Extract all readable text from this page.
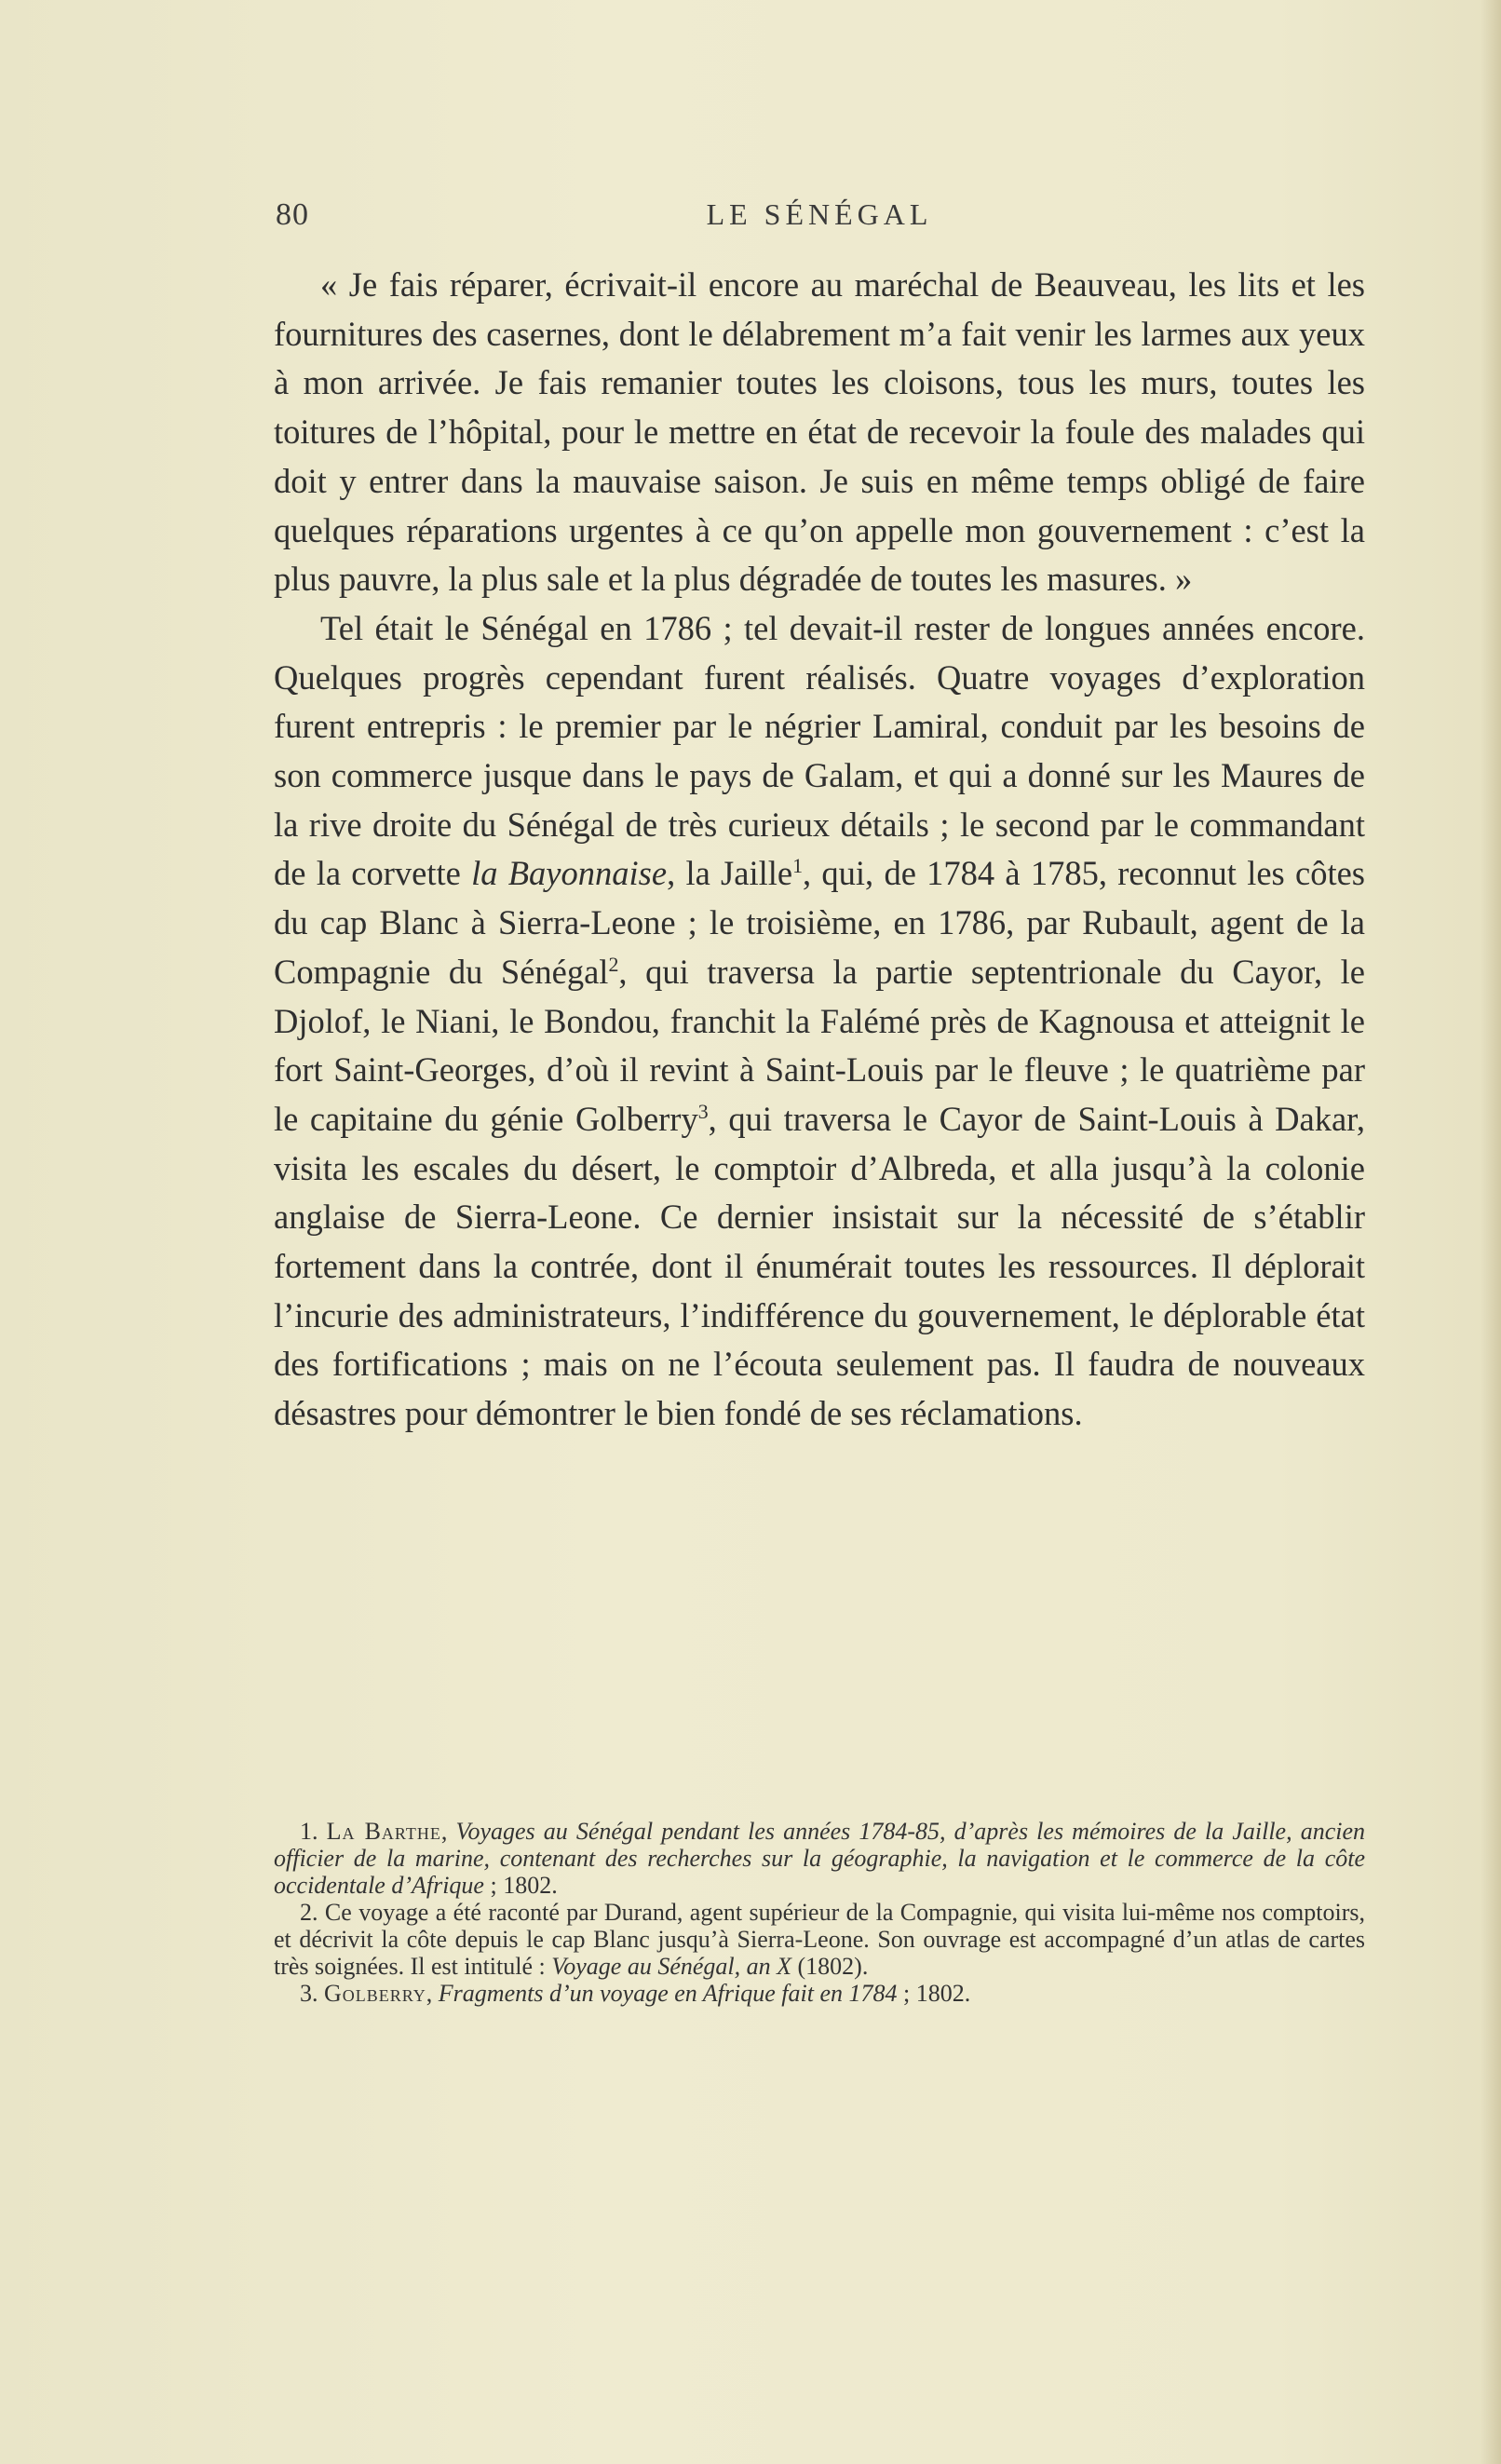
80	LE SÉNÉGAL

« Je fais réparer, écrivait-il encore au maréchal de Beauveau, les lits et les fournitures des casernes, dont le délabrement m’a fait venir les larmes aux yeux à mon arrivée. Je fais remanier toutes les cloisons, tous les murs, toutes les toitures de l’hôpital, pour le mettre en état de recevoir la foule des malades qui doit y entrer dans la mauvaise saison. Je suis en même temps obligé de faire quelques réparations urgentes à ce qu’on appelle mon gouvernement : c’est la plus pauvre, la plus sale et la plus dégradée de toutes les masures. »

Tel était le Sénégal en 1786 ; tel devait-il rester de longues années encore. Quelques progrès cependant furent réalisés. Quatre voyages d’exploration furent entrepris : le premier par le négrier Lamiral, conduit par les besoins de son commerce jusque dans le pays de Galam, et qui a donné sur les Maures de la rive droite du Sénégal de très curieux détails ; le second par le commandant de la corvette la Bayonnaise, la Jaille$^1$, qui, de 1784 à 1785, reconnut les côtes du cap Blanc à Sierra-Leone ; le troisième, en 1786, par Rubault, agent de la Compagnie du Sénégal$^2$, qui traversa la partie septentrionale du Cayor, le Djolof, le Niani, le Bondou, franchit la Falémé près de Kagnousa et atteignit le fort Saint-Georges, d’où il revint à Saint-Louis par le fleuve ; le quatrième par le capitaine du génie Golberry$^3$, qui traversa le Cayor de Saint-Louis à Dakar, visita les escales du désert, le comptoir d’Albreda, et alla jusqu’à la colonie anglaise de Sierra-Leone. Ce dernier insistait sur la nécessité de s’établir fortement dans la contrée, dont il énumérait toutes les ressources. Il déplorait l’incurie des administrateurs, l’indifférence du gouvernement, le déplorable état des fortifications ; mais on ne l’écouta seulement pas. Il faudra de nouveaux désastres pour démontrer le bien fondé de ses réclamations.

1. La Barthe, Voyages au Sénégal pendant les années 1784-85, d’après les mémoires de la Jaille, ancien officier de la marine, contenant des recherches sur la géographie, la navigation et le commerce de la côte occidentale d’Afrique ; 1802.

2. Ce voyage a été raconté par Durand, agent supérieur de la Compagnie, qui visita lui-même nos comptoirs, et décrivit la côte depuis le cap Blanc jusqu’à Sierra-Leone. Son ouvrage est accompagné d’un atlas de cartes très soignées. Il est intitulé : Voyage au Sénégal, an X (1802).

3. Golberry, Fragments d’un voyage en Afrique fait en 1784 ; 1802.
